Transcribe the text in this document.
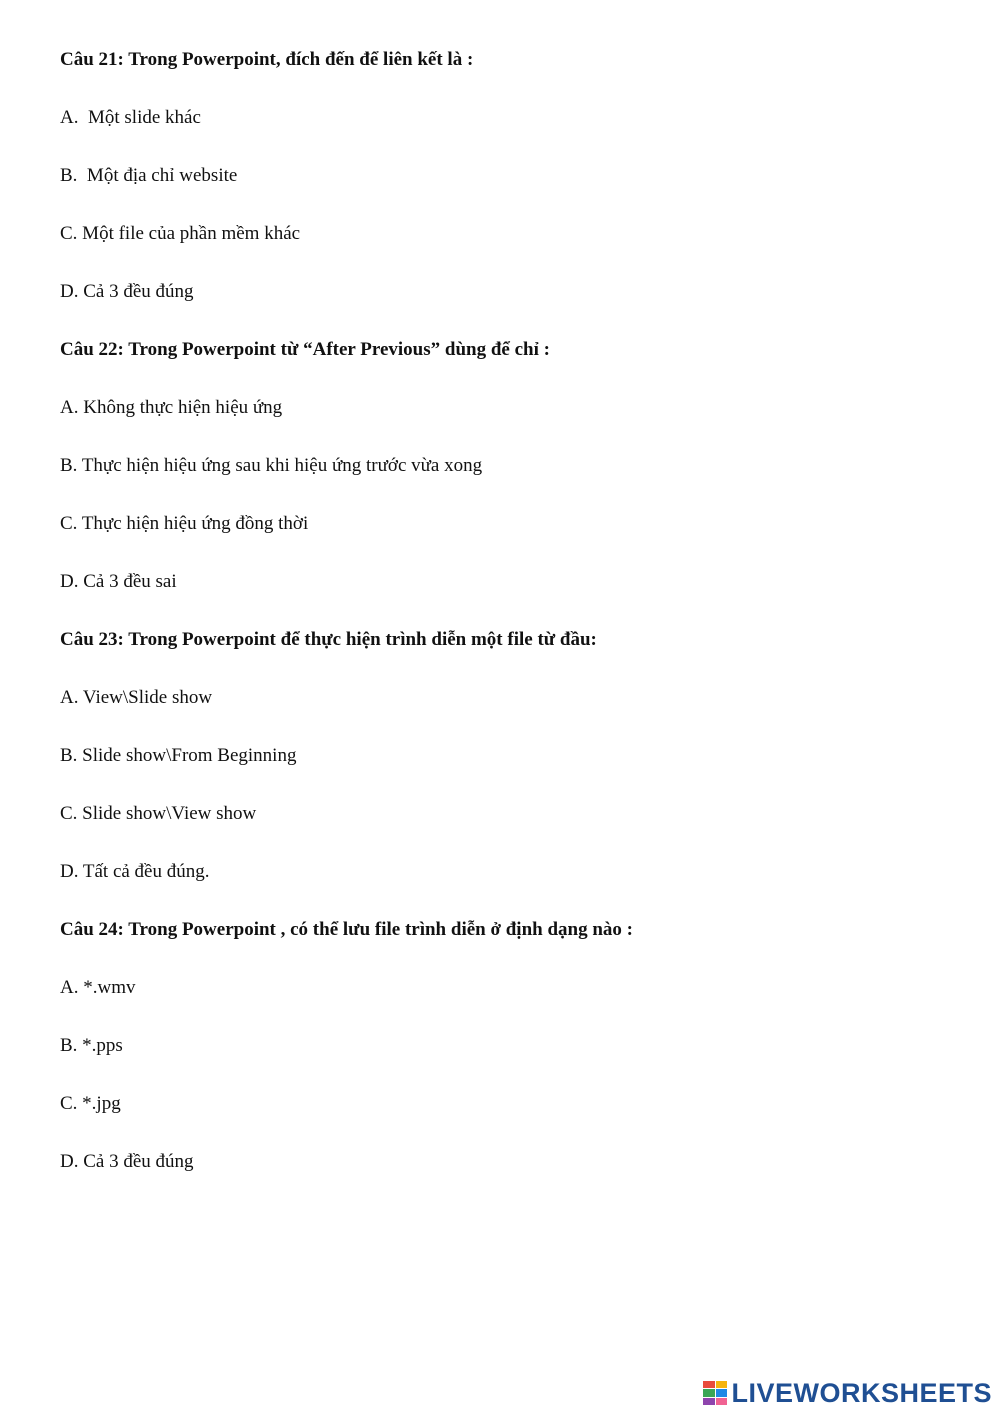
Câu 21: Trong Powerpoint, đích đến để liên kết là :
A.  Một slide khác
B.  Một địa chỉ website
C. Một file của phần mềm khác
D. Cả 3 đều đúng
Câu 22: Trong Powerpoint từ “After Previous” dùng để chỉ :
A. Không thực hiện hiệu ứng
B. Thực hiện hiệu ứng sau khi hiệu ứng trước vừa xong
C. Thực hiện hiệu ứng đồng thời
D. Cả 3 đều sai
Câu 23: Trong Powerpoint để thực hiện trình diễn một file từ đầu:
A. View\Slide show
B. Slide show\From Beginning
C. Slide show\View show
D. Tất cả đều đúng.
Câu 24: Trong Powerpoint , có thể lưu file trình diễn ở định dạng nào :
A. *.wmv
B. *.pps
C. *.jpg
D. Cả 3 đều đúng
LIVEWORKSHEETS
